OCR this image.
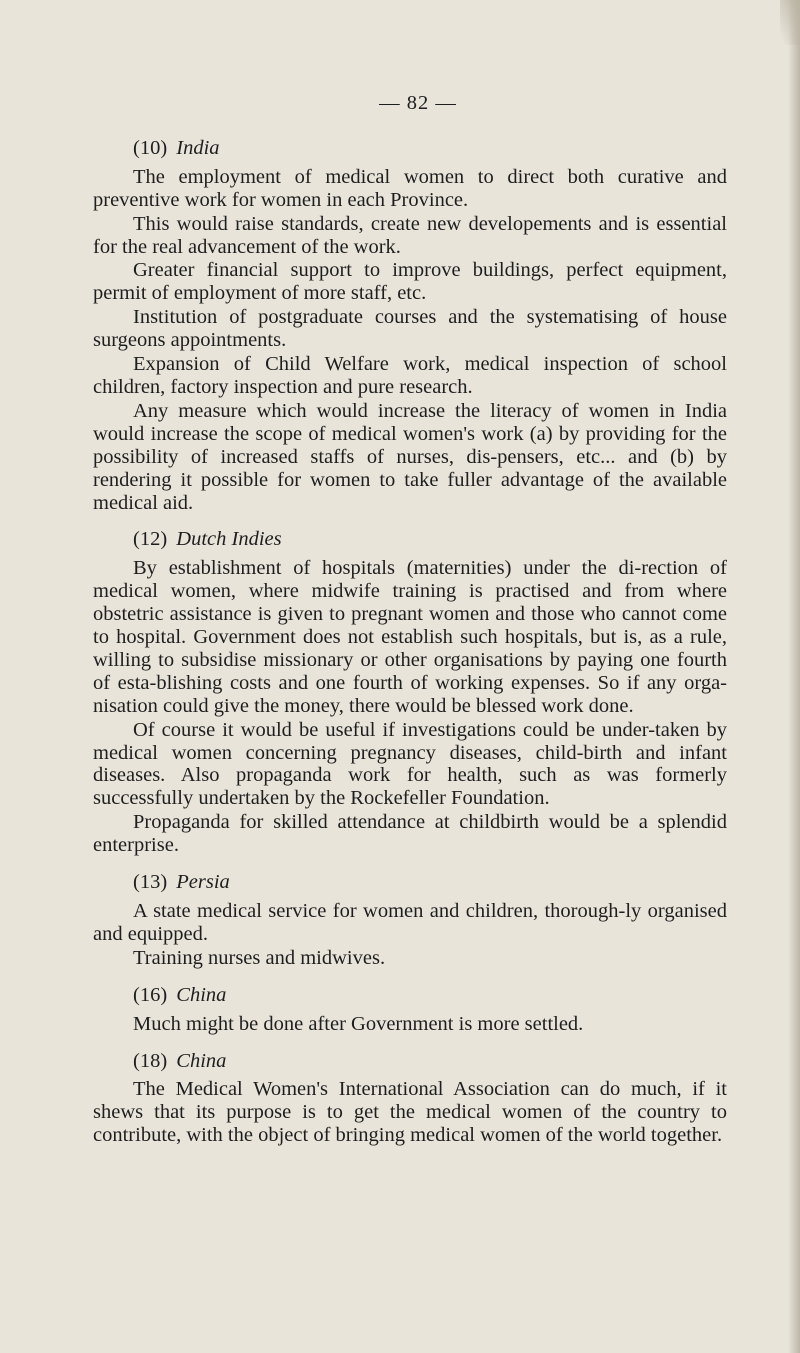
— 82 —
(10) India

The employment of medical women to direct both curative and preventive work for women in each Province.

This would raise standards, create new developements and is essential for the real advancement of the work.

Greater financial support to improve buildings, perfect equipment, permit of employment of more staff, etc.

Institution of postgraduate courses and the systematising of house surgeons appointments.

Expansion of Child Welfare work, medical inspection of school children, factory inspection and pure research.

Any measure which would increase the literacy of women in India would increase the scope of medical women's work (a) by providing for the possibility of increased staffs of nurses, dis-pensers, etc... and (b) by rendering it possible for women to take fuller advantage of the available medical aid.

(12) Dutch Indies

By establishment of hospitals (maternities) under the di-rection of medical women, where midwife training is practised and from where obstetric assistance is given to pregnant women and those who cannot come to hospital. Government does not establish such hospitals, but is, as a rule, willing to subsidise missionary or other organisations by paying one fourth of esta-blishing costs and one fourth of working expenses. So if any orga-nisation could give the money, there would be blessed work done.

Of course it would be useful if investigations could be under-taken by medical women concerning pregnancy diseases, child-birth and infant diseases. Also propaganda work for health, such as was formerly successfully undertaken by the Rockefeller Foundation.

Propaganda for skilled attendance at childbirth would be a splendid enterprise.

(13) Persia

A state medical service for women and children, thorough-ly organised and equipped.

Training nurses and midwives.

(16) China

Much might be done after Government is more settled.

(18) China

The Medical Women's International Association can do much, if it shews that its purpose is to get the medical women of the country to contribute, with the object of bringing medical women of the world together.
